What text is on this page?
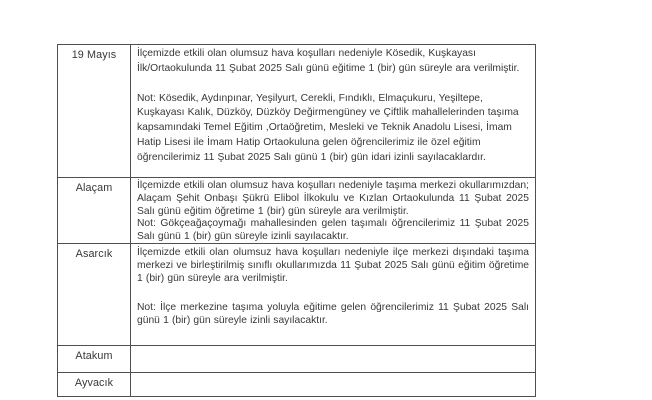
19 Mayıs	İlçemizde etkili olan olumsuz hava koşulları nedeniyle Kösedik, Kuşkayası İlk/Ortaokulunda 11 Şubat 2025 Salı günü eğitime 1 (bir) gün süreyle ara verilmiştir.

Not: Kösedik, Aydınpınar, Yeşilyurt, Cerekli, Fındıklı, Elmaçukuru, Yeşiltepe, Kuşkayası Kalık, Düzköy, Düzköy Değirmengüney ve Çiftlik mahallelerinden taşıma kapsamındaki Temel Eğitim ,Ortaöğretim, Mesleki ve Teknik Anadolu Lisesi, İmam Hatip Lisesi ile İmam Hatip Ortaokuluna gelen öğrencilerimiz ile özel eğitim öğrencilerimiz 11 Şubat 2025 Salı günü 1 (bir) gün idari izinli sayılacaklardır.

Alaçam	İlçemizde etkili olan olumsuz hava koşulları nedeniyle taşıma merkezi okullarımızdan; Alaçam Şehit Onbaşı Şükrü Elibol İlkokulu ve Kızlan Ortaokulunda 11 Şubat 2025 Salı günü eğitim öğretime 1 (bir) gün süreyle ara verilmiştir.

Not: Gökçeağaçoymağı mahallesinden gelen taşımalı öğrencilerimiz 11 Şubat 2025 Salı günü 1 (bir) gün süreyle izinli sayılacaktır.

Asarcık	İlçemizde etkili olan olumsuz hava koşulları nedeniyle ilçe merkezi dışındaki taşıma merkezi ve birleştirilmiş sınıflı okullarımızda 11 Şubat 2025 Salı günü eğitim öğretime 1 (bir) gün süreyle ara verilmiştir.

Not: İlçe merkezine taşıma yoluyla eğitime gelen öğrencilerimiz 11 Şubat 2025 Salı günü 1 (bir) gün süreyle izinli sayılacaktır.

Atakum
Ayvacık
